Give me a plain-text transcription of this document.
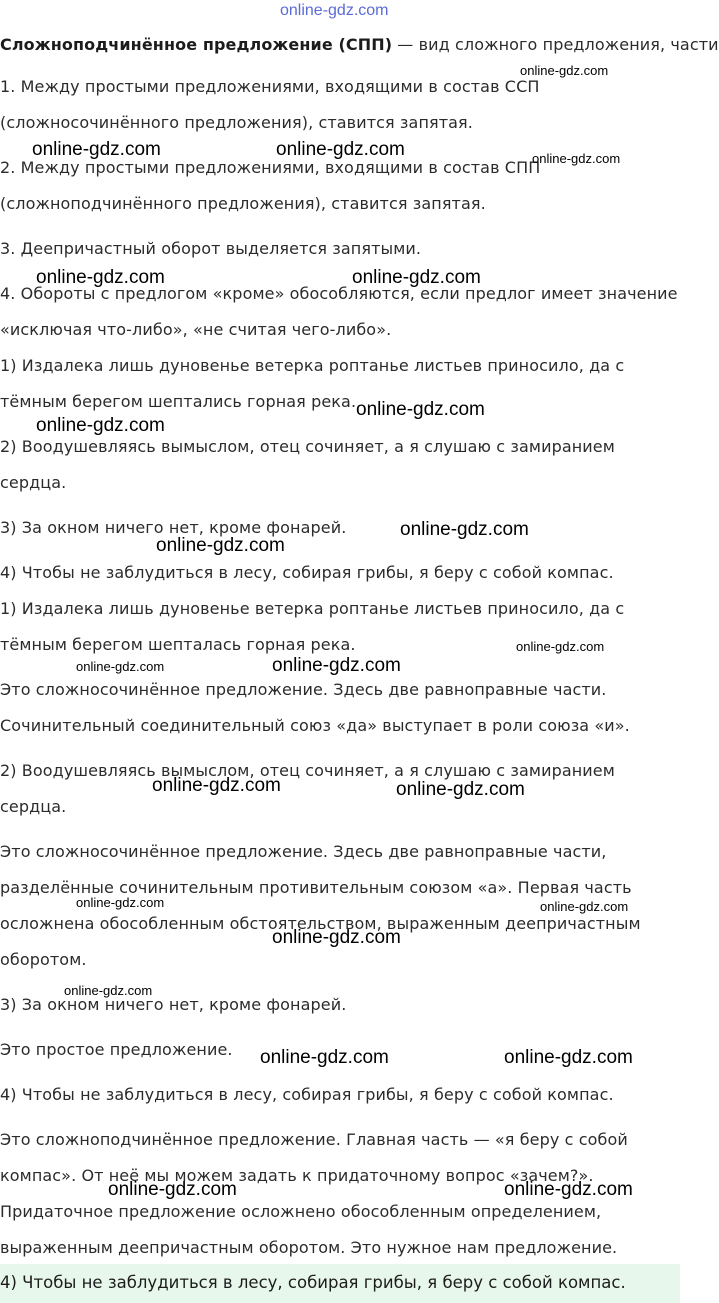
online-gdz.com
Сложноподчинённое предложение (СПП) — вид сложного предложения, части
1. Между простыми предложениями, входящими в состав ССП
(сложносочинённого предложения), ставится запятая.
2. Между простыми предложениями, входящими в состав СПП
(сложноподчинённого предложения), ставится запятая.
3. Деепричастный оборот выделяется запятыми.
4. Обороты с предлогом «кроме» обособляются, если предлог имеет значение
«исключая что-либо», «не считая чего-либо».
1) Издалека лишь дуновенье ветерка роптанье листьев приносило, да с
тёмным берегом шептались горная река.
2) Воодушевляясь вымыслом, отец сочиняет, а я слушаю с замиранием
сердца.
3) За окном ничего нет, кроме фонарей.
4) Чтобы не заблудиться в лесу, собирая грибы, я беру с собой компас.
1) Издалека лишь дуновенье ветерка роптанье листьев приносило, да с
тёмным берегом шепталась горная река.
Это сложносочинённое предложение. Здесь две равноправные части.
Сочинительный соединительный союз «да» выступает в роли союза «и».
2) Воодушевляясь вымыслом, отец сочиняет, а я слушаю с замиранием
сердца.
Это сложносочинённое предложение. Здесь две равноправные части,
разделённые сочинительным противительным союзом «а». Первая часть
осложнена обособленным обстоятельством, выраженным деепричастным
оборотом.
3) За окном ничего нет, кроме фонарей.
Это простое предложение.
4) Чтобы не заблудиться в лесу, собирая грибы, я беру с собой компас.
Это сложноподчинённое предложение. Главная часть — «я беру с собой
компас». От неё мы можем задать к придаточному вопрос «зачем?».
Придаточное предложение осложнено обособленным определением,
выраженным деепричастным оборотом. Это нужное нам предложение.
4) Чтобы не заблудиться в лесу, собирая грибы, я беру с собой компас.
online-gdz.com
online-gdz.com	online-gdz.com	online-gdz.com
online-gdz.com	online-gdz.com
online-gdz.com
online-gdz.com
online-gdz.com
online-gdz.com
online-gdz.com
online-gdz.com
online-gdz.com
online-gdz.com	online-gdz.com
online-gdz.com	online-gdz.com
online-gdz.com
online-gdz.com
online-gdz.com	online-gdz.com
online-gdz.com	online-gdz.com
